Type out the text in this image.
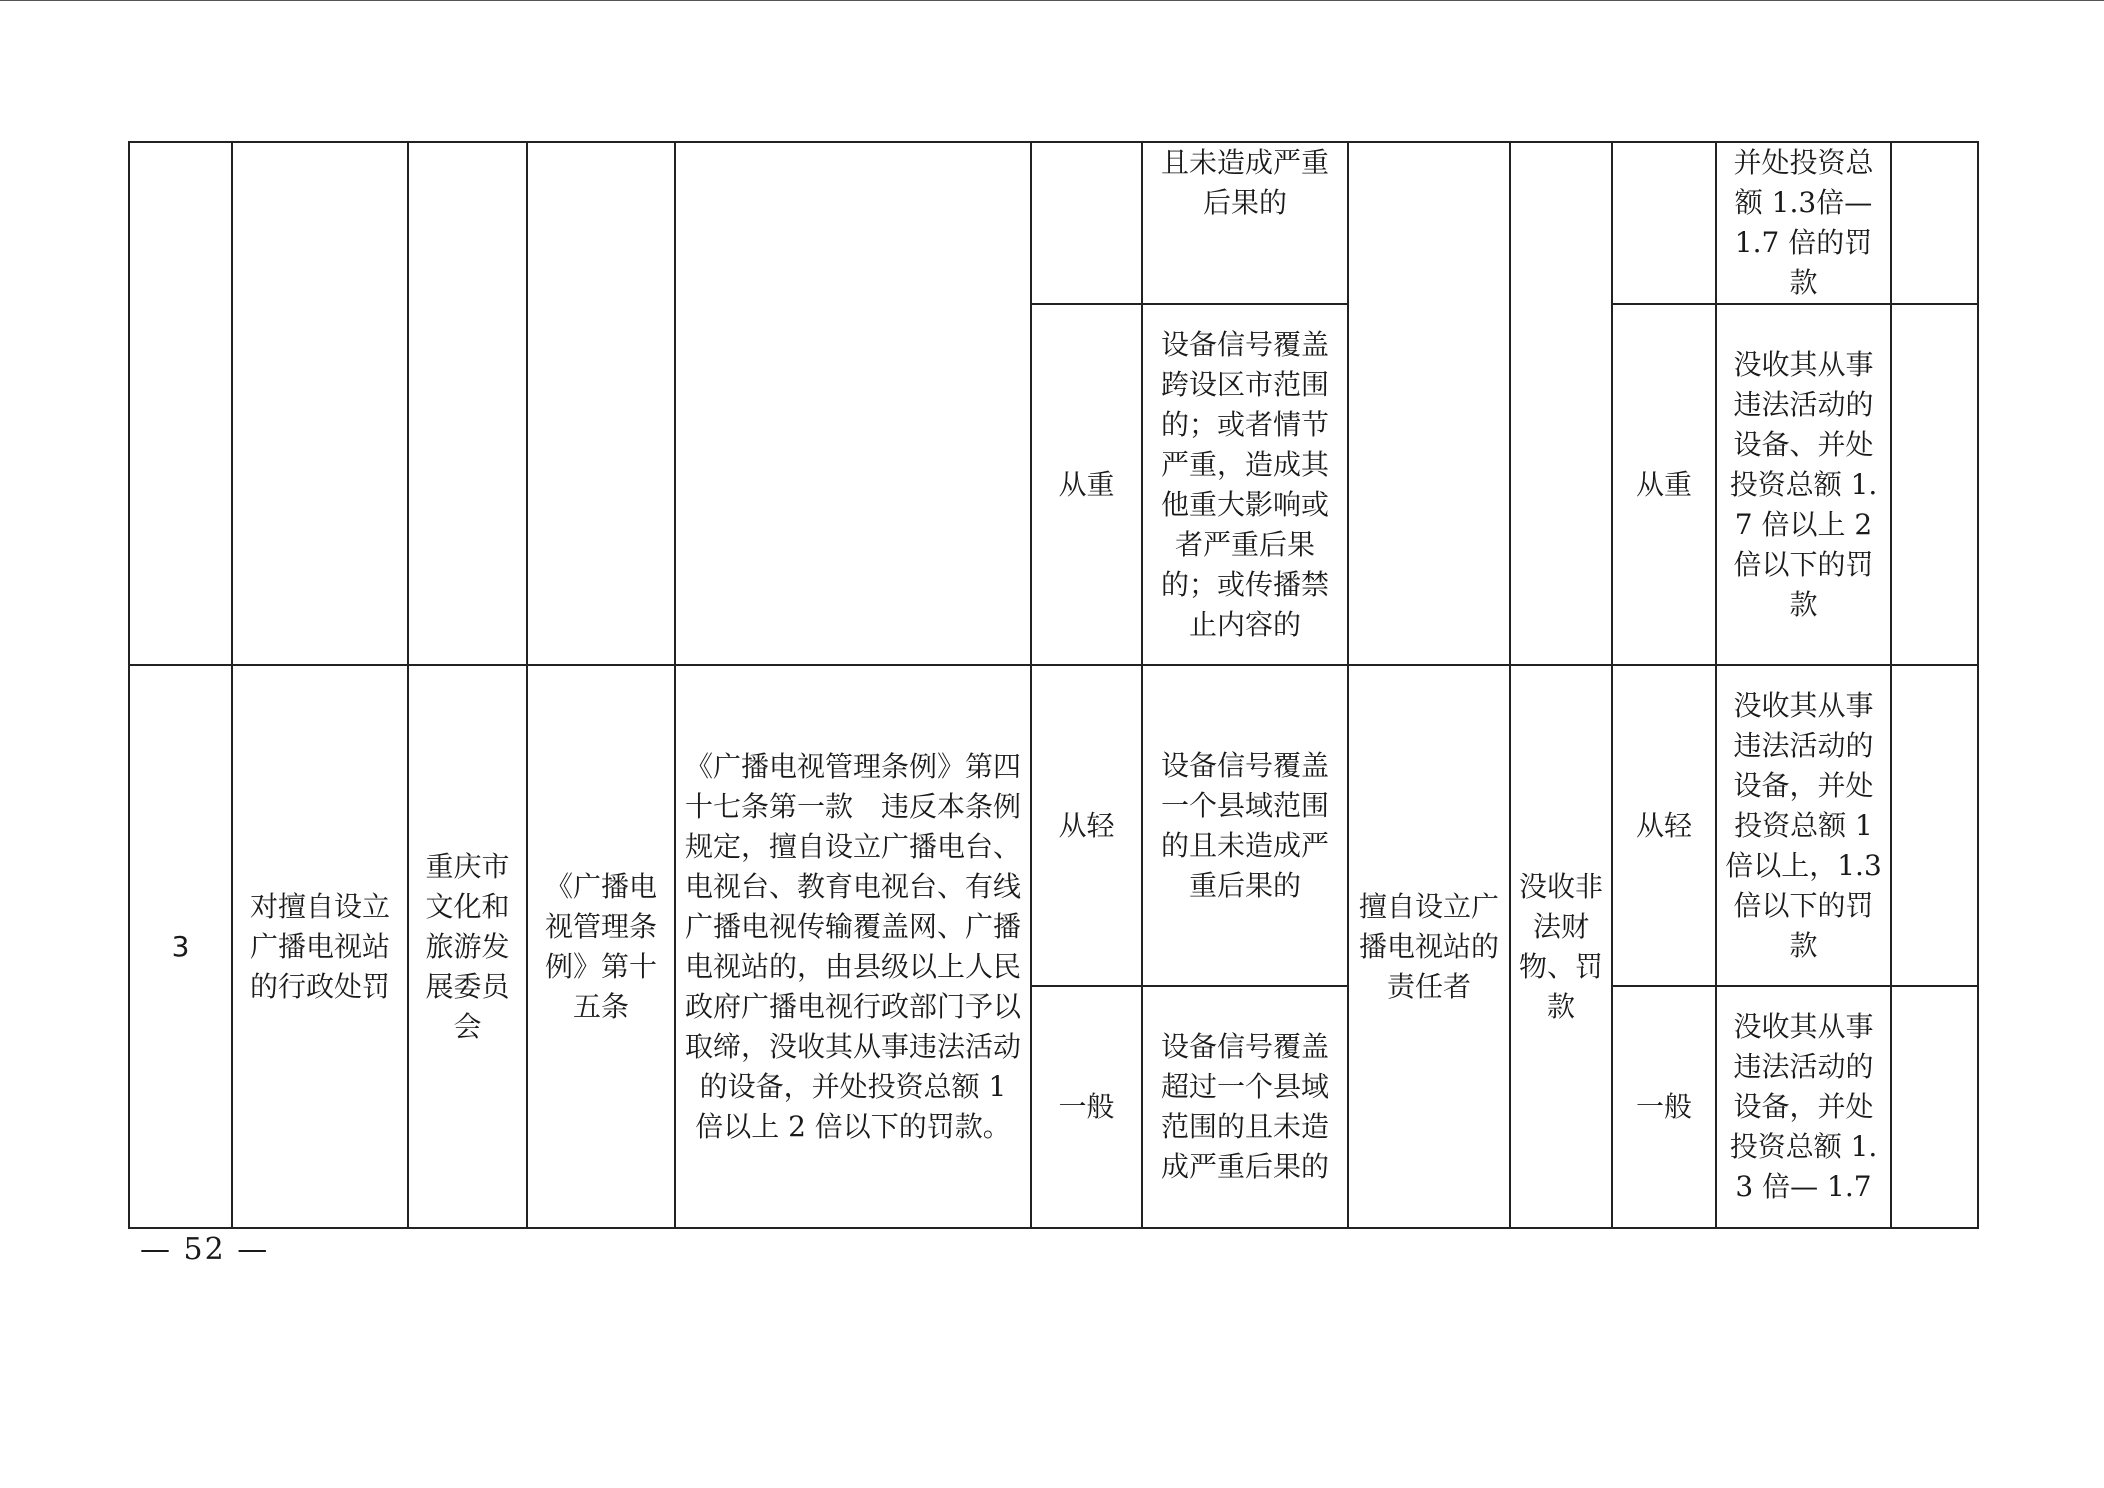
						且未造成严重后果的				并处投资总额 1.3倍—1.7 倍的罚款	
					从重	设备信号覆盖跨设区市范围的；或者情节严重，造成其他重大影响或者严重后果的；或传播禁止内容的			从重	没收其从事违法活动的设备、并处投资总额 1.7 倍以上 2 倍以下的罚款	
3	对擅自设立广播电视站的行政处罚	重庆市文化和旅游发展委员会	《广播电视管理条例》第十五条	《广播电视管理条例》第四十七条第一款　违反本条例规定，擅自设立广播电台、电视台、教育电视台、有线广播电视传输覆盖网、广播电视站的，由县级以上人民政府广播电视行政部门予以取缔，没收其从事违法活动的设备，并处投资总额 1 倍以上 2 倍以下的罚款。	从轻	设备信号覆盖一个县域范围的且未造成严重后果的	擅自设立广播电视站的责任者	没收非法财物、罚款	从轻	没收其从事违法活动的设备，并处投资总额 1 倍以上，1.3 倍以下的罚款	
					一般	设备信号覆盖超过一个县域范围的且未造成严重后果的			一般	没收其从事违法活动的设备，并处投资总额 1.3 倍— 1.7	
— 52 —
